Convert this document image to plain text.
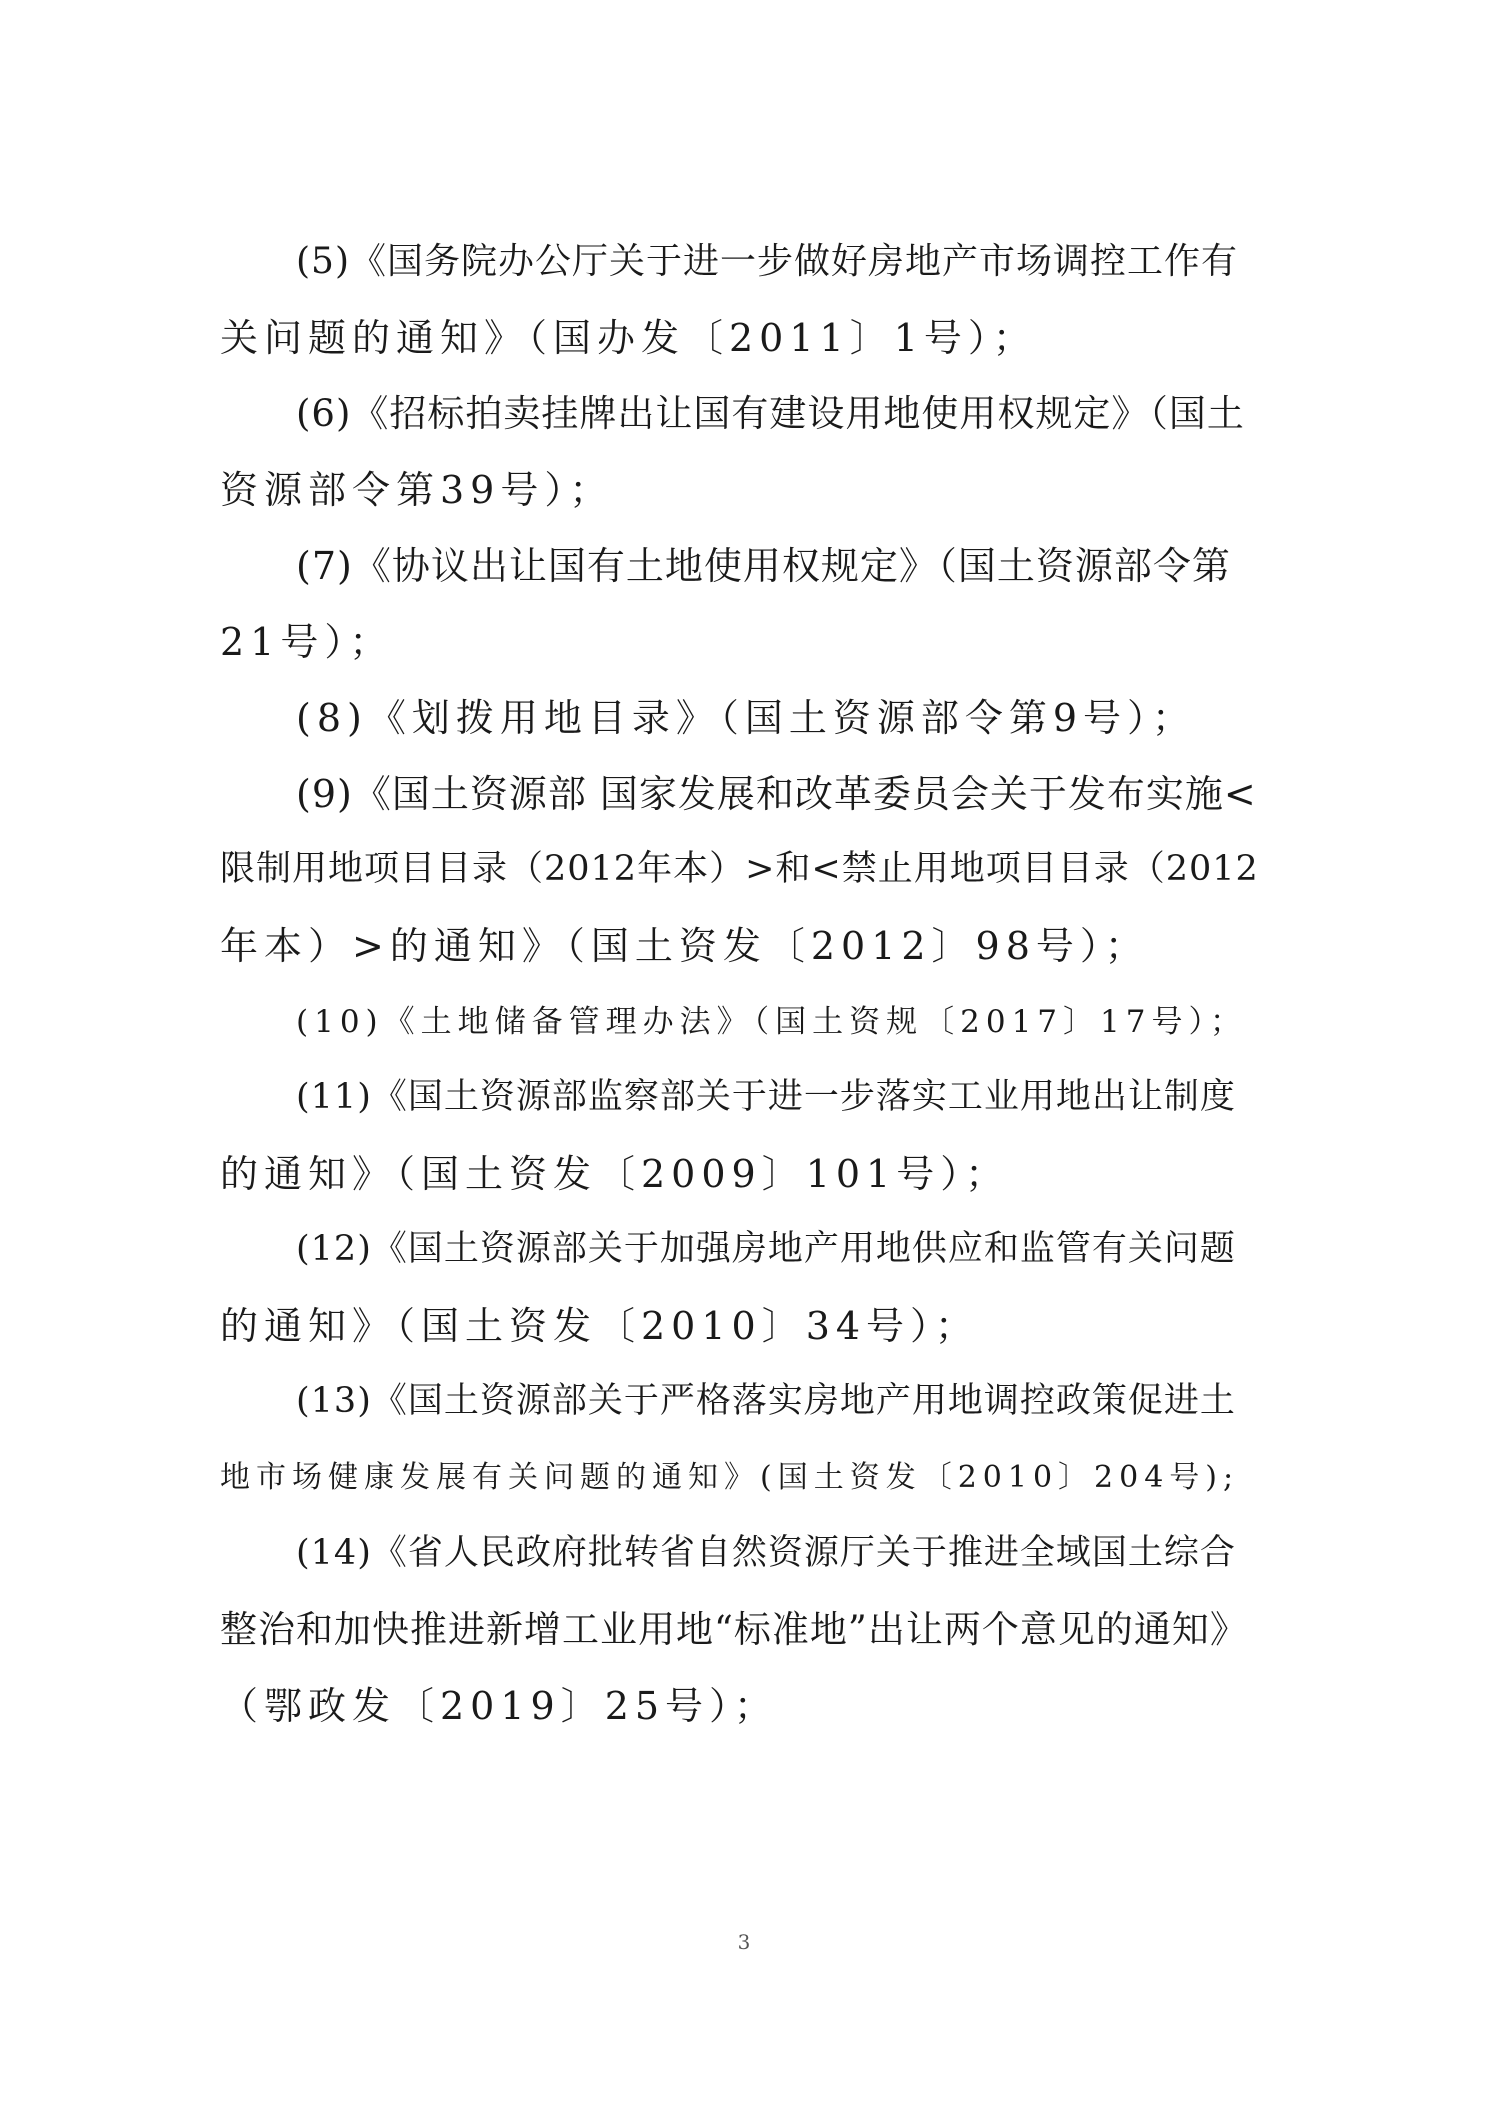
(5)《国务院办公厅关于进一步做好房地产市场调控工作有
关问题的通知》（国办发〔2011〕1号）；
(6)《招标拍卖挂牌出让国有建设用地使用权规定》（国土
资源部令第39号）；
(7)《协议出让国有土地使用权规定》（国土资源部令第
21号）；
(8)《划拨用地目录》（国土资源部令第9号）；
(9)《国土资源部 国家发展和改革委员会关于发布实施<
限制用地项目目录（2012年本）>和<禁止用地项目目录（2012
年本）>的通知》（国土资发〔2012〕98号）；
(10)《土地储备管理办法》（国土资规〔2017〕17号）；
(11)《国土资源部监察部关于进一步落实工业用地出让制度
的通知》（国土资发〔2009〕101号）；
(12)《国土资源部关于加强房地产用地供应和监管有关问题
的通知》（国土资发〔2010〕34号）；
(13)《国土资源部关于严格落实房地产用地调控政策促进土
地市场健康发展有关问题的通知》(国土资发〔2010〕204号);
(14)《省人民政府批转省自然资源厅关于推进全域国土综合
整治和加快推进新增工业用地“标准地”出让两个意见的通知》
（鄂政发〔2019〕25号）；
3
